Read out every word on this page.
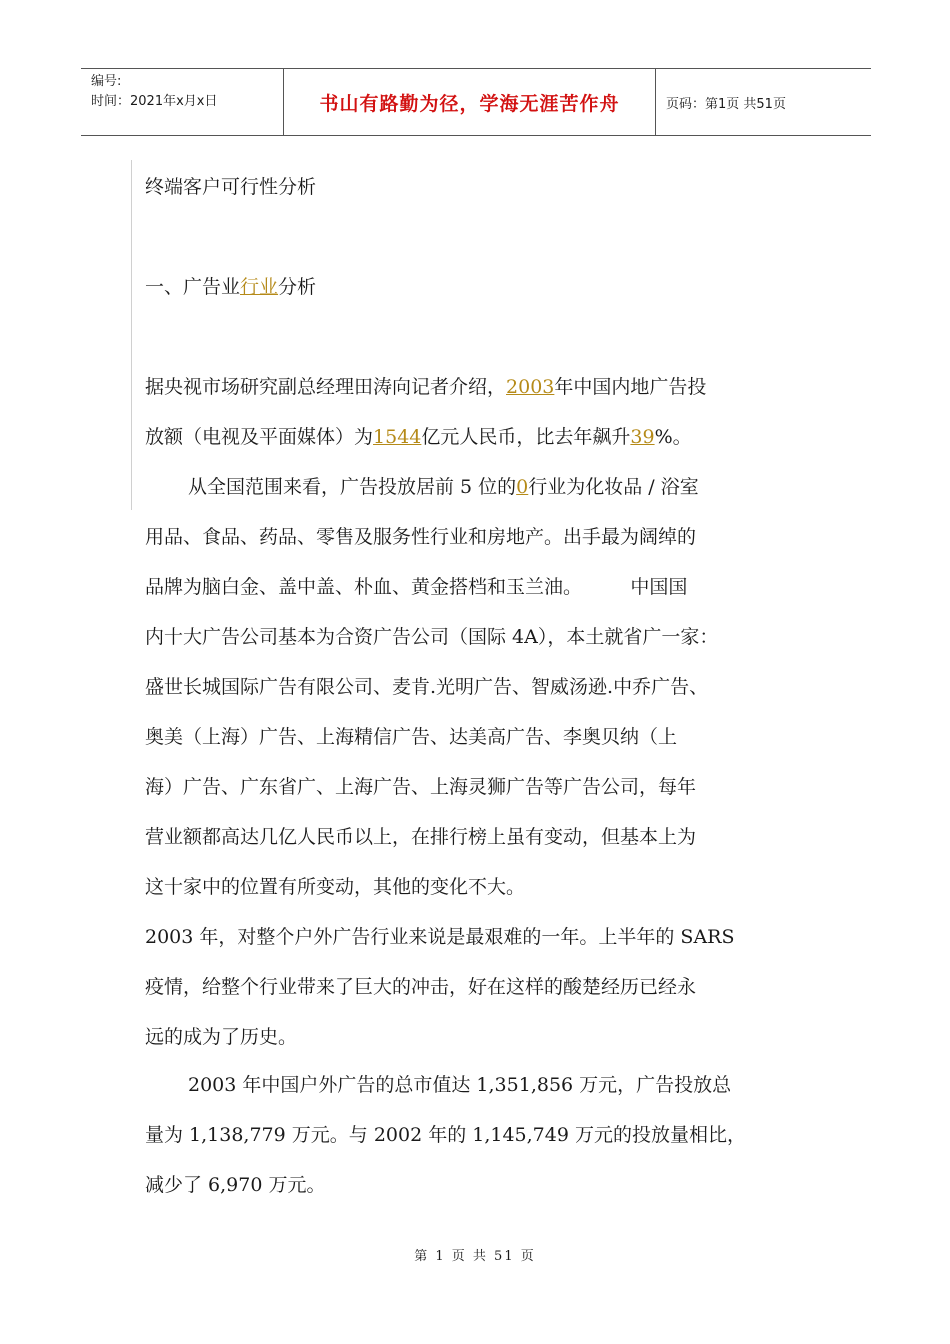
编号:
时间：2021年x月x日	书山有路勤为径，学海无涯苦作舟	页码：第1页 共51页
终端客户可行性分析
一、广告业行业分析
据央视市场研究副总经理田涛向记者介绍，2003年中国内地广告投
放额（电视及平面媒体）为1544亿元人民币，比去年飙升39%。
从全国范围来看，广告投放居前 5 位的0行业为化妆品 / 浴室
用品、食品、药品、零售及服务性行业和房地产。出手最为阔绰的
品牌为脑白金、盖中盖、朴血、黄金搭档和玉兰油。        中国国
内十大广告公司基本为合资广告公司（国际 4A），本土就省广一家：
盛世长城国际广告有限公司、麦肯.光明广告、智威汤逊.中乔广告、
奥美（上海）广告、上海精信广告、达美高广告、李奥贝纳（上
海）广告、广东省广、上海广告、上海灵狮广告等广告公司，每年
营业额都高达几亿人民币以上，在排行榜上虽有变动，但基本上为
这十家中的位置有所变动，其他的变化不大。
2003 年，对整个户外广告行业来说是最艰难的一年。上半年的 SARS
疫情，给整个行业带来了巨大的冲击，好在这样的酸楚经历已经永
远的成为了历史。
2003 年中国户外广告的总市值达 1,351,856 万元，广告投放总
量为 1,138,779 万元。与 2002 年的 1,145,749 万元的投放量相比，
减少了 6,970 万元。
第 1 页 共 51 页
